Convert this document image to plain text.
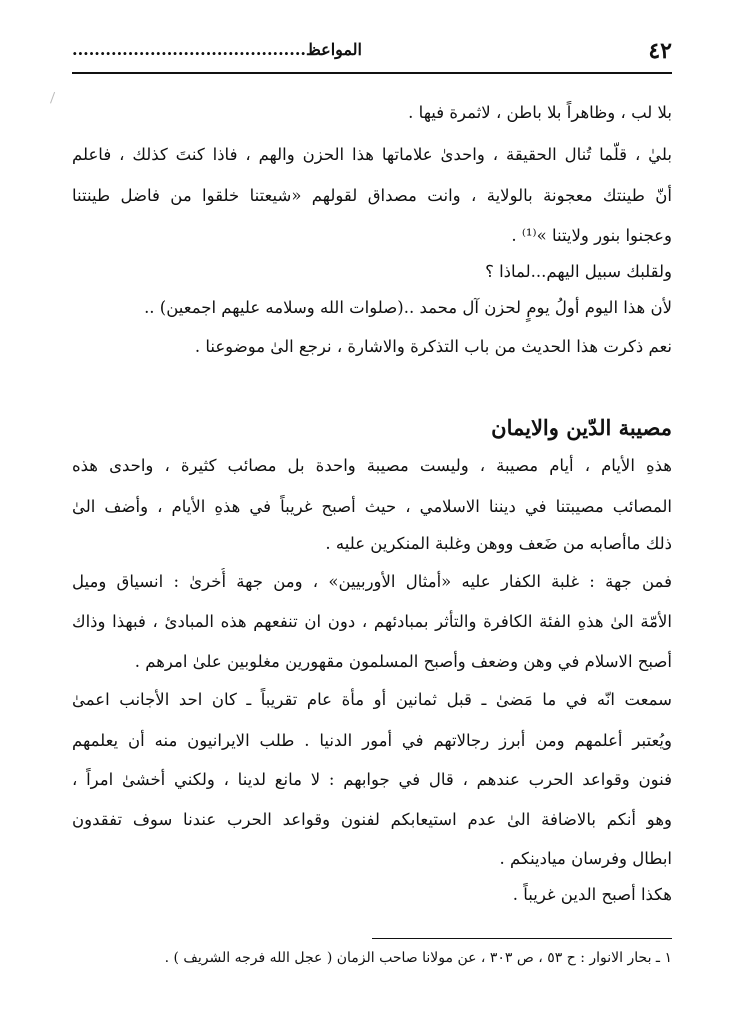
٤٢
المواعظ..........................................
بلا لب ، وظاهراً بلا باطن ، لاثمرة فيها .
بليٰ ، قلّما تُنال الحقيقة ، واحدىٰ علاماتها هذا الحزن والهم ، فاذا كنتَ كذلك ، فاعلم
أنّ طينتك معجونة بالولاية ، وانت مصداق لقولهم «شيعتنا خلقوا من فاضل طينتنا
وعجنوا بنور ولايتنا »⁽¹⁾ .
ولقلبك سبيل اليهم...لماذا ؟
لأن هذا اليوم أولُ يومٍ لحزن آل محمد ..(صلوات الله وسلامه عليهم اجمعين) ..
نعم ذكرت هذا الحديث من باب التذكرة والاشارة ، نرجع الىٰ موضوعنا .
مصيبة الدّين والايمان
هذهِ الأيام ، أيام مصيبة ، وليست مصيبة واحدة بل مصائب كثيرة ، واحدى هذه
المصائب مصيبتنا في ديننا الاسلامي ، حيث أصبح غريباً في هذهِ الأيام ، وأضف الىٰ
ذلك ماأصابه من ضَعف ووهن وغلبة المنكرين عليه .
فمن جهة : غلبة الكفار عليه «أمثال الأوربيين» ، ومن جهة أُخرىٰ : انسياق وميل
الأمّة الىٰ هذهِ الفئة الكافرة والتأثر بمبادئهم ، دون ان تنفعهم هذه المبادئ ، فبهذا وذاك
أصبح الاسلام في وهن وضعف وأصبح المسلمون مقهورين مغلوبين علىٰ امرهم .
سمعت انّه في ما مَضىٰ ـ قبل ثمانين أو مأة عام تقريباً ـ كان احد الأجانب اعمىٰ
ويُعتبر أعلمهم ومن أبرز رجالاتهم في أمور الدنيا . طلب الايرانيون منه أن يعلمهم
فنون وقواعد الحرب عندهم ، قال في جوابهم : لا مانع لدينا ، ولكني أخشىٰ امراً ،
وهو أنكم بالاضافة الىٰ عدم استيعابكم لفنون وقواعد الحرب عندنا سوف تفقدون
ابطال وفرسان ميادينكم .
هكذا أصبح الدين غريباً .
١ ـ بحار الانوار : ح ٥٣ ، ص ٣٠٣ ، عن مولانا صاحب الزمان ( عجل الله فرجه الشريف ) .
